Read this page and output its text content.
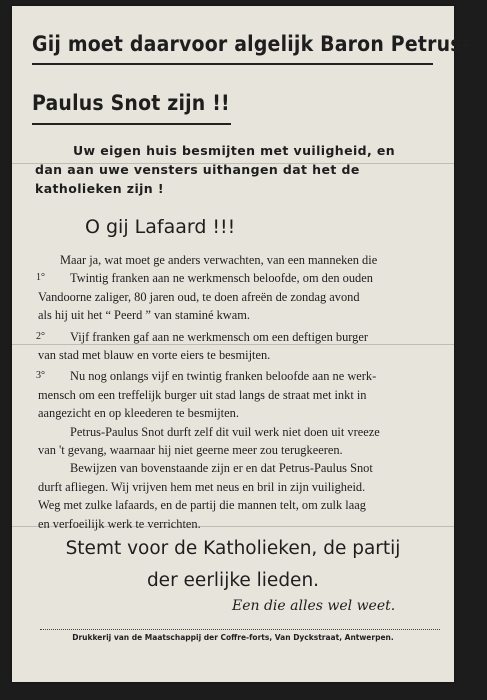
Gij moet daarvoor algelijk Baron Petrus-
Paulus Snot zijn !!
Uw eigen huis besmijten met vuiligheid, en
dan aan uwe vensters uithangen dat het de
katholieken zijn !
O gij Lafaard !!!
Maar ja, wat moet ge anders verwachten, van een manneken die
1° Twintig franken aan ne werkmensch beloofde, om den ouden
Vandoorne zaliger, 80 jaren oud, te doen afreën de zondag avond
als hij uit het “ Peerd ” van staminé kwam.
2° Vijf franken gaf aan ne werkmensch om een deftigen burger
van stad met blauw en vorte eiers te besmijten.
3° Nu nog onlangs vijf en twintig franken beloofde aan ne werk-
mensch om een treffelijk burger uit stad langs de straat met inkt in
aangezicht en op kleederen te besmijten.
Petrus-Paulus Snot durft zelf dit vuil werk niet doen uit vreeze
van 't gevang, waarnaar hij niet geerne meer zou terugkeeren.
Bewijzen van bovenstaande zijn er en dat Petrus-Paulus Snot
durft afliegen. Wij vrijven hem met neus en bril in zijn vuiligheid.
Weg met zulke lafaards, en de partij die mannen telt, om zulk laag
en verfoeilijk werk te verrichten.
Stemt voor de Katholieken, de partij
der eerlijke lieden.
Een die alles wel weet.
Drukkerij van de Maatschappij der Coffre-forts, Van Dyckstraat, Antwerpen.
